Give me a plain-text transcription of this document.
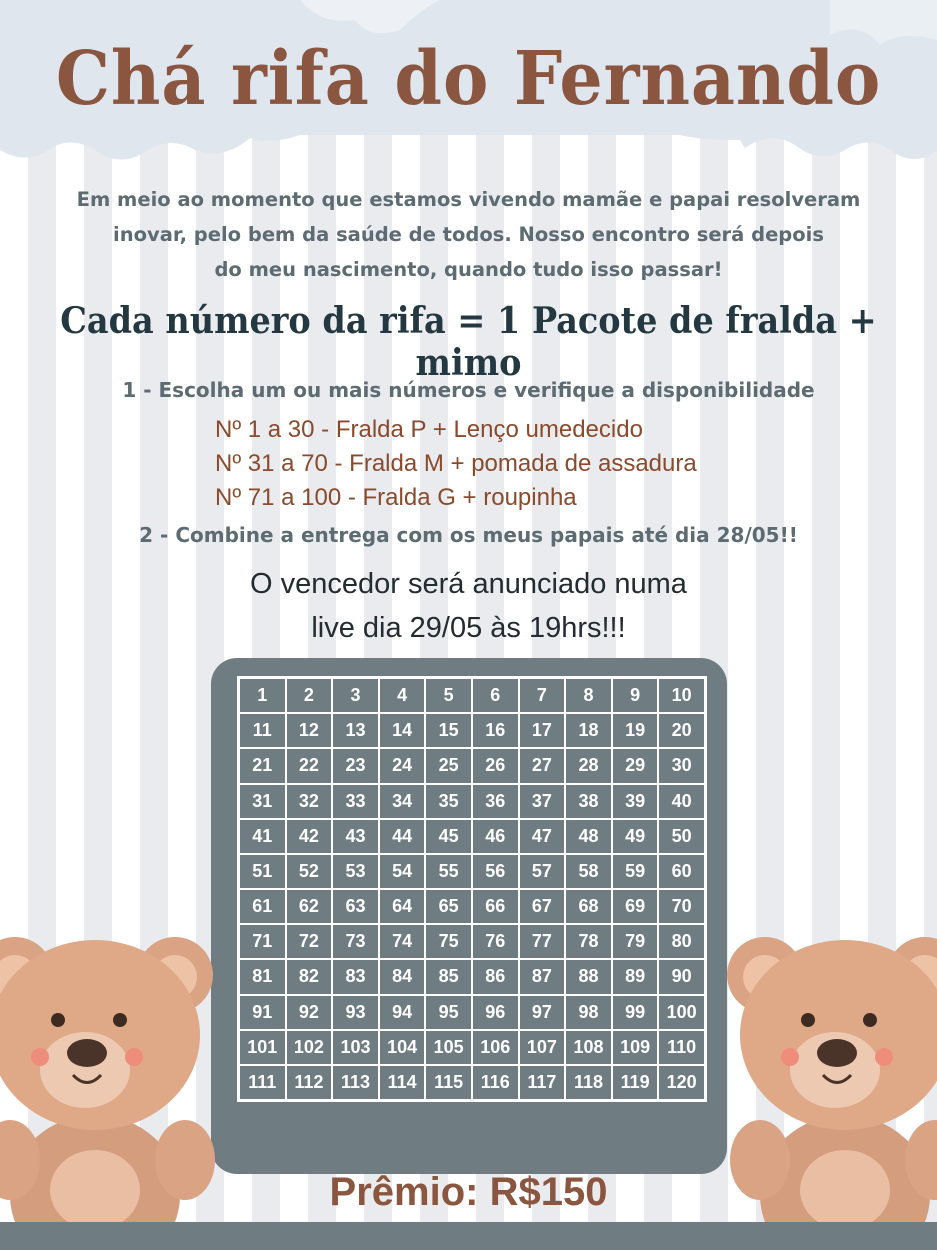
Chá rifa do Fernando
Em meio ao momento que estamos vivendo mamãe e papai resolveram
inovar, pelo bem da saúde de todos. Nosso encontro será depois
do meu nascimento, quando tudo isso passar!
Cada número da rifa = 1 Pacote de fralda + mimo
1 - Escolha um ou mais números e verifique a disponibilidade
Nº 1 a 30 - Fralda P + Lenço umedecido
Nº 31 a 70 - Fralda M + pomada de assadura
Nº 71 a 100 - Fralda G + roupinha
2 - Combine a entrega com os meus papais até dia 28/05!!
O vencedor será anunciado numa
live dia 29/05 às 19hrs!!!
1	2	3	4	5	6	7	8	9	10
11	12	13	14	15	16	17	18	19	20
21	22	23	24	25	26	27	28	29	30
31	32	33	34	35	36	37	38	39	40
41	42	43	44	45	46	47	48	49	50
51	52	53	54	55	56	57	58	59	60
61	62	63	64	65	66	67	68	69	70
71	72	73	74	75	76	77	78	79	80
81	82	83	84	85	86	87	88	89	90
91	92	93	94	95	96	97	98	99	100
101 102 103 104 105 106 107 108 109 110
111	112 113 114 115 116 117 118 119 120
Prêmio: R$150
